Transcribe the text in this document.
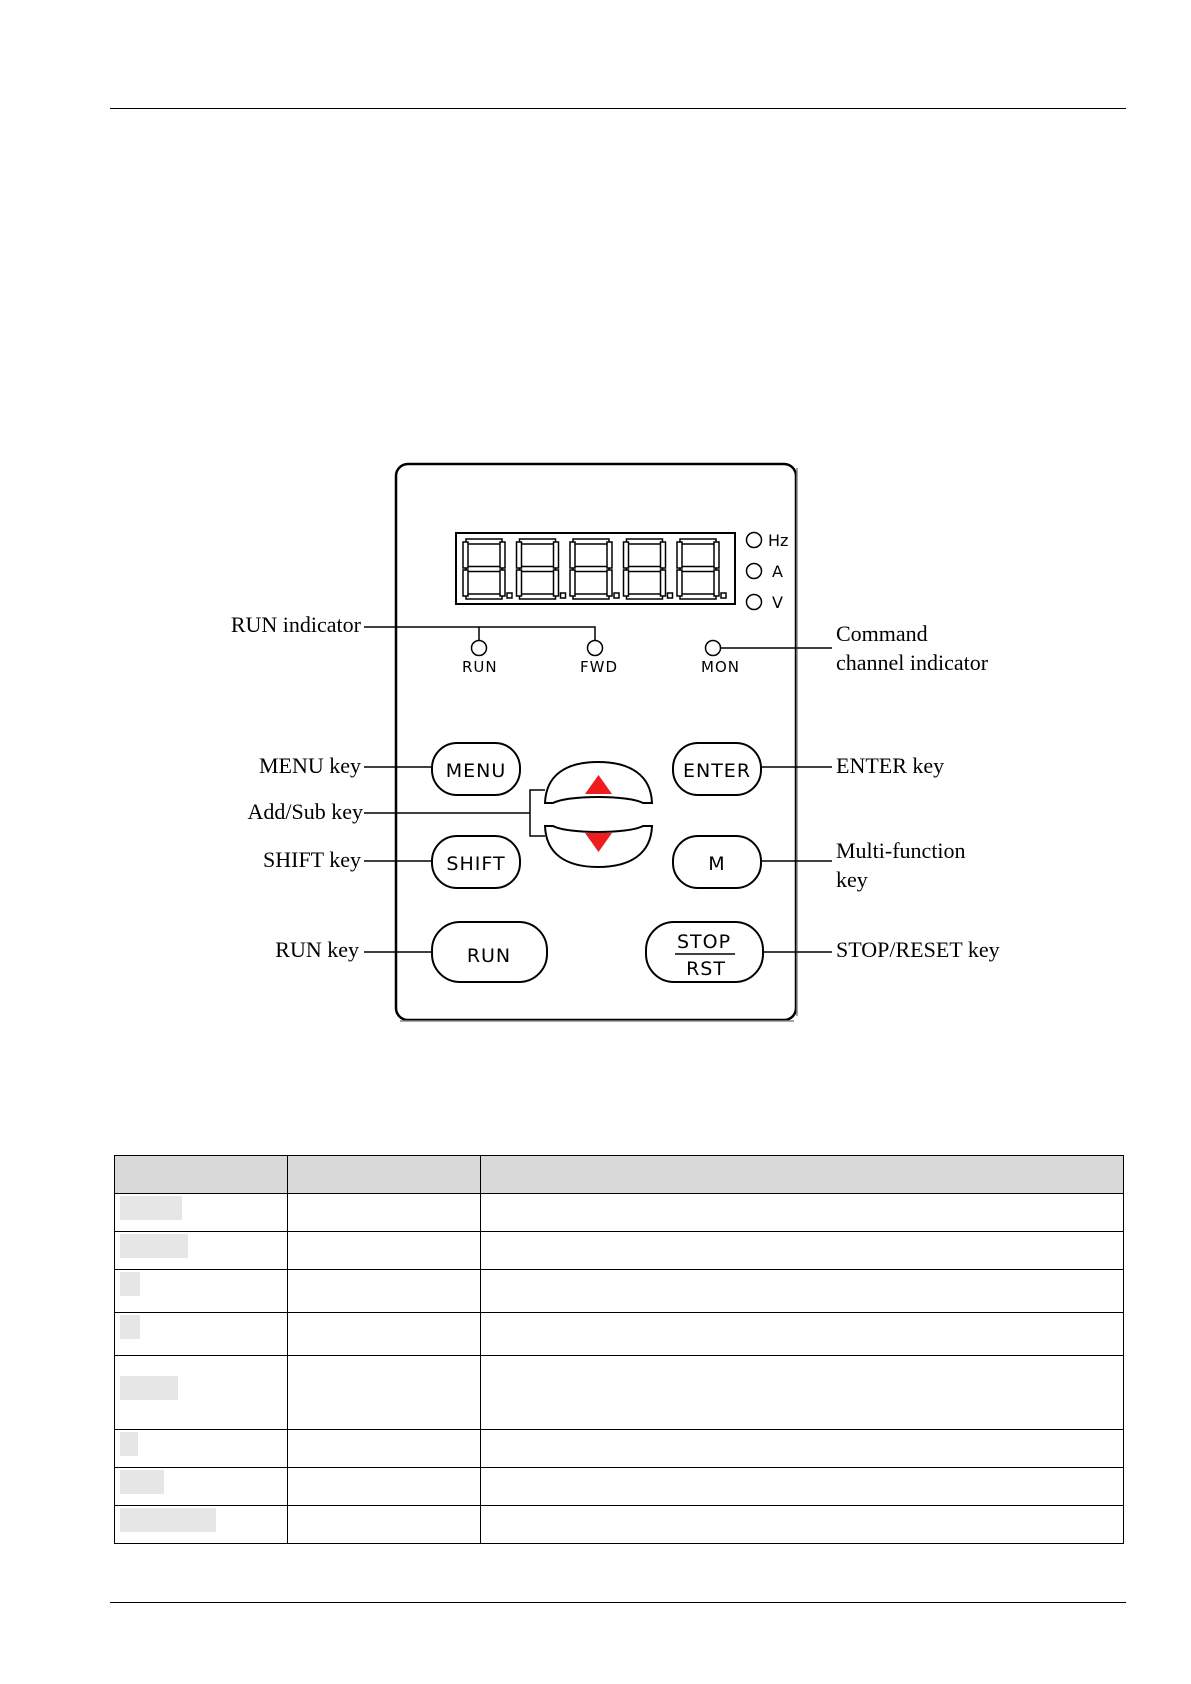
Hz
A
V
RUN	FWD	MON
MENU	ENTER
SHIFT	M
RUN
STOP
RST
RUN indicator	Command
channel indicator
MENU key
Add/Sub key
SHIFT key
RUN key
ENTER key
Multi-function
key
STOP/RESET key
